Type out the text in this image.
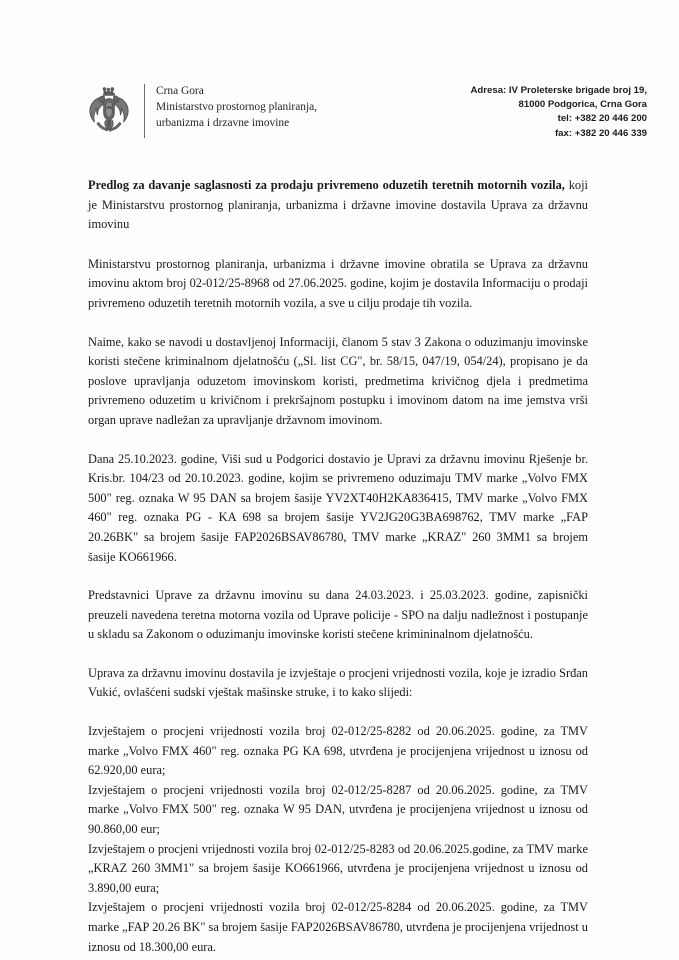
Crna Gora
Ministarstvo prostornog planiranja,
urbanizma i drzavne imovine
Adresa: IV Proleterske brigade broj 19,
81000 Podgorica, Crna Gora
tel: +382 20 446 200
fax: +382 20 446 339

Predlog za davanje saglasnosti za prodaju privremeno oduzetih teretnih motornih vozila, koji je Ministarstvu prostornog planiranja, urbanizma i državne imovine dostavila Uprava za državnu imovinu

Ministarstvu prostornog planiranja, urbanizma i državne imovine obratila se Uprava za državnu imovinu aktom broj 02-012/25-8968 od 27.06.2025. godine, kojim je dostavila Informaciju o prodaji privremeno oduzetih teretnih motornih vozila, a sve u cilju prodaje tih vozila.

Naime, kako se navodi u dostavljenoj Informaciji, članom 5 stav 3 Zakona o oduzimanju imovinske koristi stečene kriminalnom djelatnošću („Sl. list CG", br. 58/15, 047/19, 054/24), propisano je da poslove upravljanja oduzetom imovinskom koristi, predmetima krivičnog djela i predmetima privremeno oduzetim u krivičnom i prekršajnom postupku i imovinom datom na ime jemstva vrši organ uprave nadležan za upravljanje državnom imovinom.

Dana 25.10.2023. godine, Viši sud u Podgorici dostavio je Upravi za državnu imovinu Rješenje br. Kris.br. 104/23 od 20.10.2023. godine, kojim se privremeno oduzimaju TMV marke „Volvo FMX 500" reg. oznaka W 95 DAN sa brojem šasije YV2XT40H2KA836415, TMV marke „Volvo FMX 460" reg. oznaka PG - KA 698 sa brojem šasije YV2JG20G3BA698762, TMV marke „FAP 20.26BK" sa brojem šasije FAP2026BSAV86780, TMV marke „KRAZ" 260 3MM1 sa brojem šasije KO661966.

Predstavnici Uprave za državnu imovinu su dana 24.03.2023. i 25.03.2023. godine, zapisnički preuzeli navedena teretna motorna vozila od Uprave policije - SPO na dalju nadležnost i postupanje u skladu sa Zakonom o oduzimanju imovinske koristi stečene krimininalnom djelatnošću.

Uprava za državnu imovinu dostavila je izvještaje o procjeni vrijednosti vozila, koje je izradio Srđan Vukić, ovlašćeni sudski vještak mašinske struke, i to kako slijedi:

Izvještajem o procjeni vrijednosti vozila broj 02-012/25-8282 od 20.06.2025. godine, za TMV marke „Volvo FMX 460" reg. oznaka PG KA 698, utvrđena je procijenjena vrijednost u iznosu od 62.920,00 eura;

Izvještajem o procjeni vrijednosti vozila broj 02-012/25-8287 od 20.06.2025. godine, za TMV marke „Volvo FMX 500" reg. oznaka W 95 DAN, utvrđena je procijenjena vrijednost u iznosu od 90.860,00 eur;

Izvještajem o procjeni vrijednosti vozila broj 02-012/25-8283 od 20.06.2025.godine, za TMV marke „KRAZ 260 3MM1" sa brojem šasije KO661966, utvrđena je procijenjena vrijednost u iznosu od 3.890,00 eura;

Izvještajem o procjeni vrijednosti vozila broj 02-012/25-8284 od 20.06.2025. godine, za TMV marke „FAP 20.26 BK" sa brojem šasije FAP2026BSAV86780, utvrđena je procijenjena vrijednost u iznosu od 18.300,00 eura.
